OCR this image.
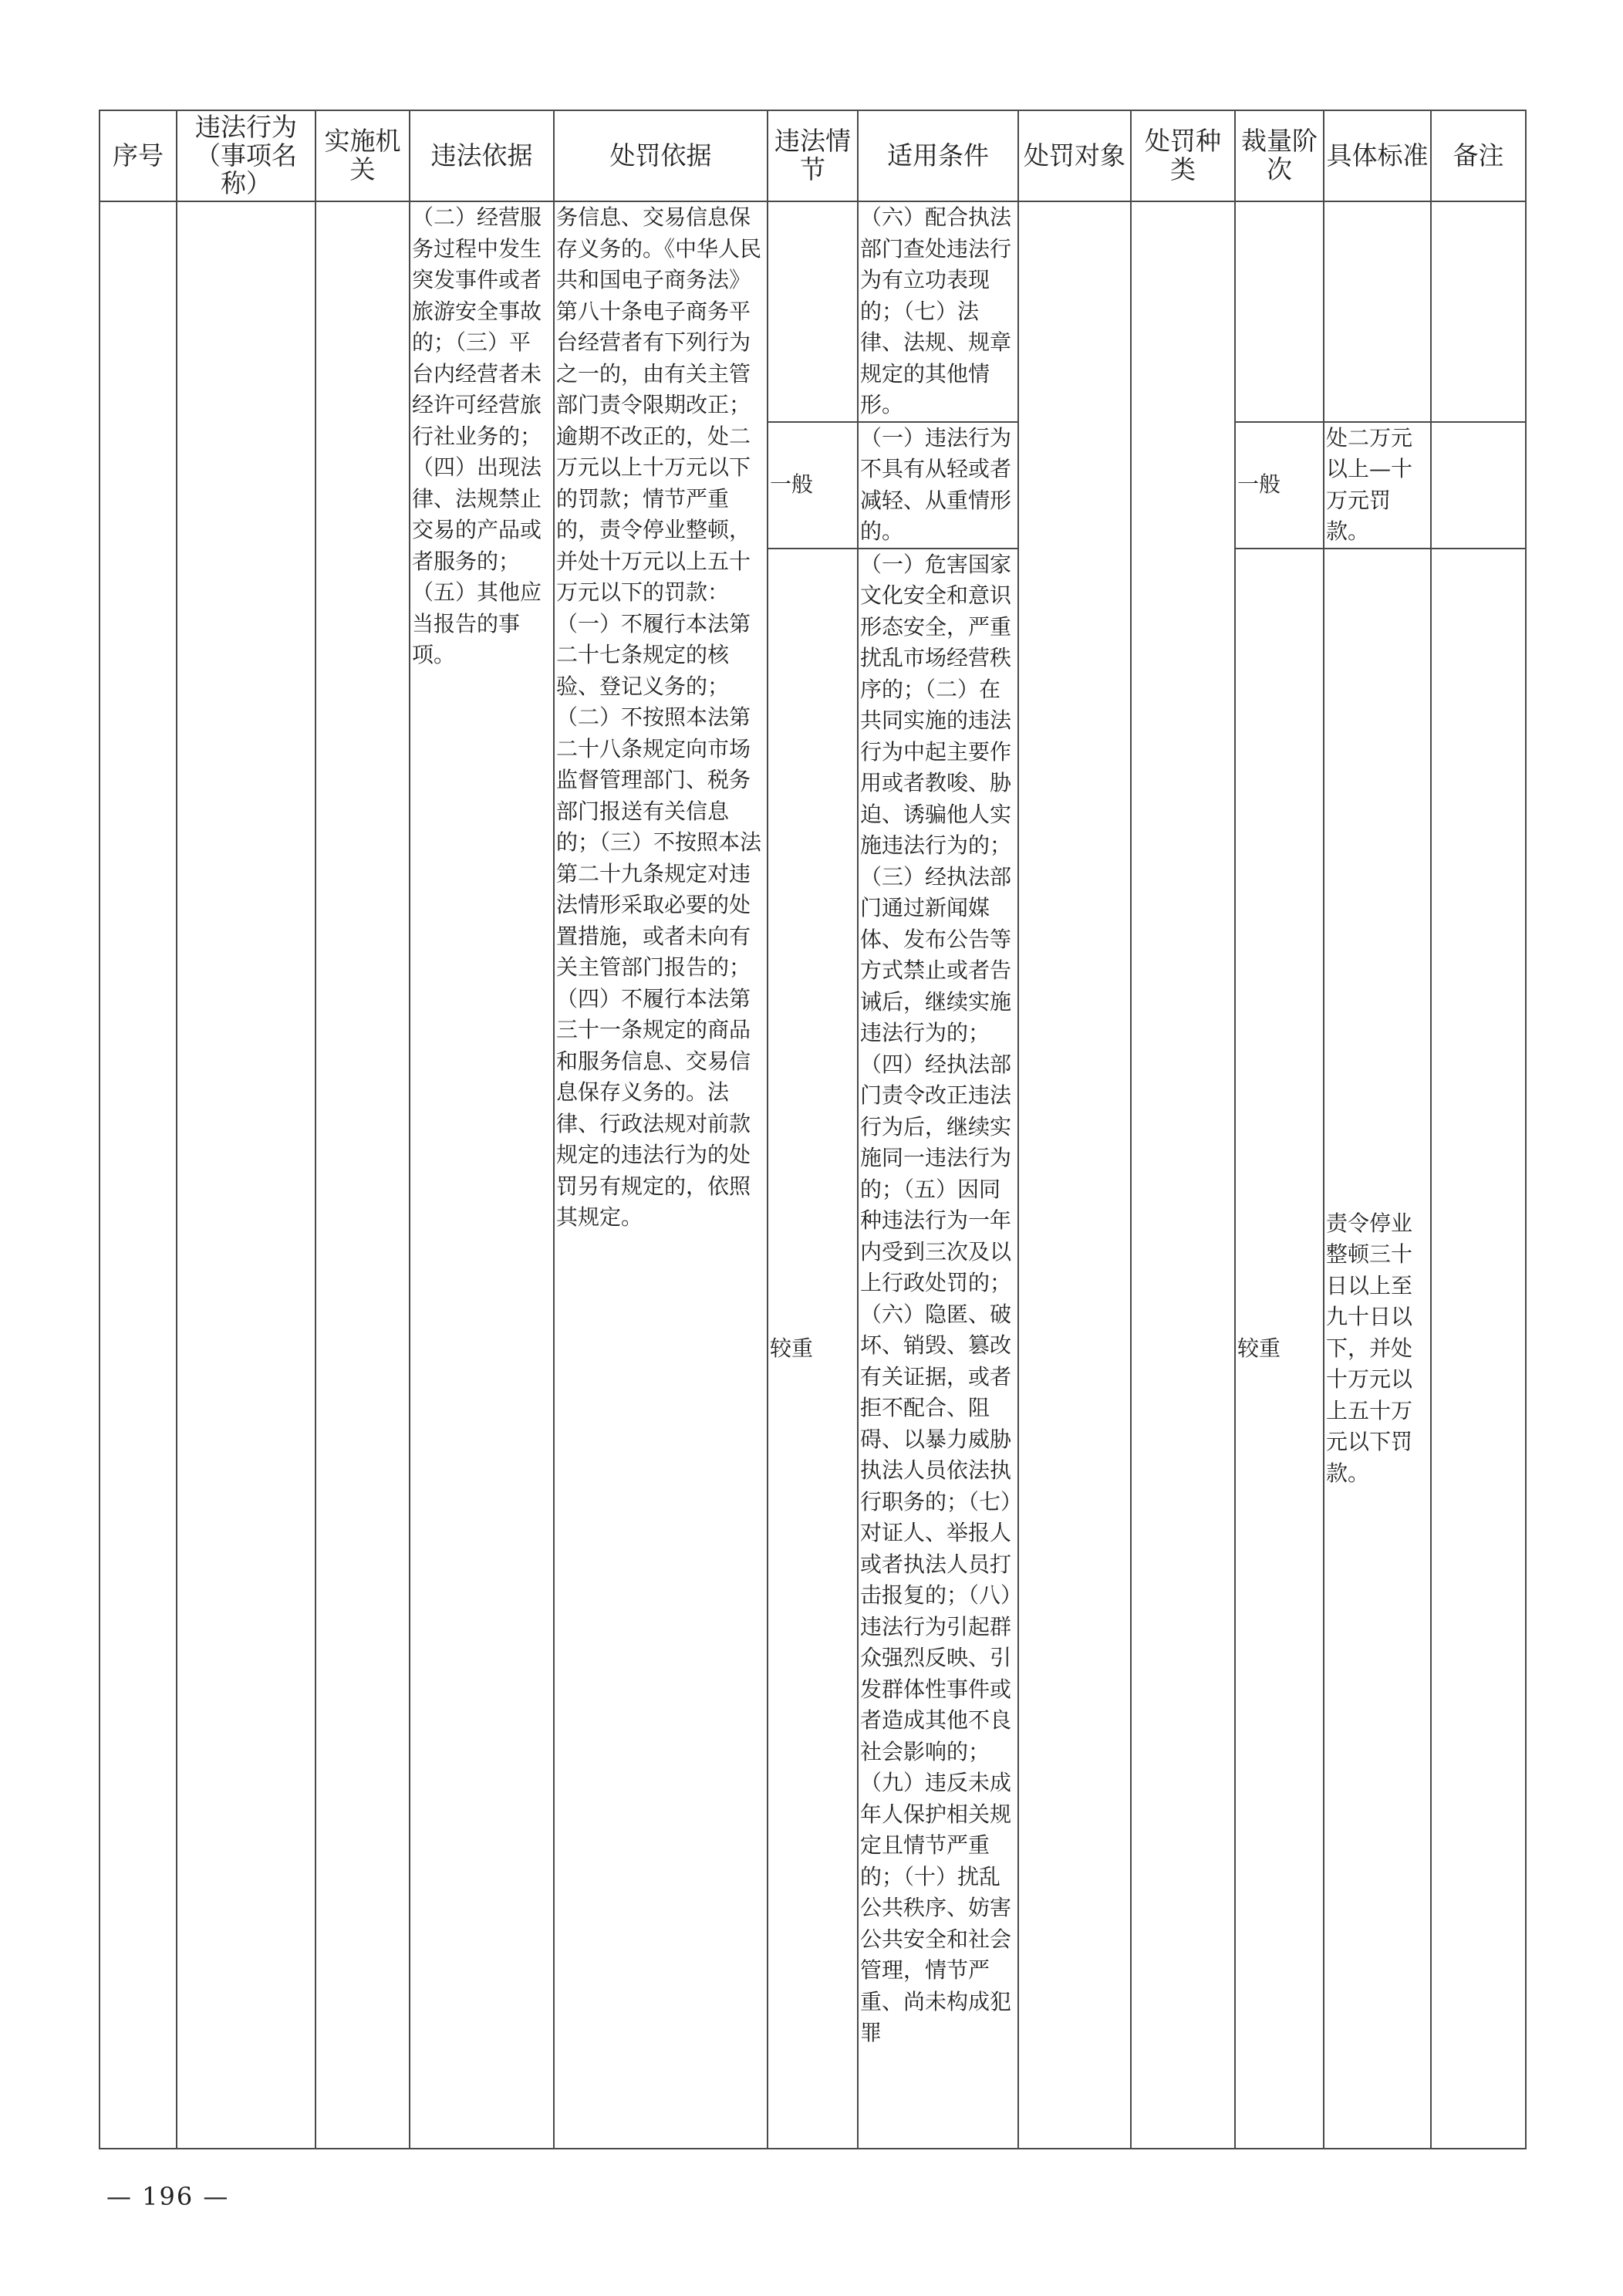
序号	违法行为（事项名称）	实施机关	违法依据	处罚依据	违法情节	适用条件	处罚对象	处罚种类	裁量阶次	具体标准	备注
			（二）经营服务过程中发生突发事件或者旅游安全事故的；（三）平台内经营者未经许可经营旅行社业务的；（四）出现法律、法规禁止交易的产品或者服务的；（五）其他应当报告的事项。	务信息、交易信息保存义务的。《中华人民共和国电子商务法》第八十条电子商务平台经营者有下列行为之一的，由有关主管部门责令限期改正；逾期不改正的，处二万元以上十万元以下的罚款；情节严重的，责令停业整顿，并处十万元以上五十万元以下的罚款：（一）不履行本法第二十七条规定的核验、登记义务的；（二）不按照本法第二十八条规定向市场监督管理部门、税务部门报送有关信息的；（三）不按照本法第二十九条规定对违法情形采取必要的处置措施，或者未向有关主管部门报告的；（四）不履行本法第三十一条规定的商品和服务信息、交易信息保存义务的。法律、行政法规对前款规定的违法行为的处罚另有规定的，依照其规定。		（六）配合执法部门查处违法行为有立功表现的；（七）法律、法规、规章规定的其他情形。					
					一般	（一）违法行为不具有从轻或者减轻、从重情形的。			一般	处二万元以上—十万元罚款。	
					较重	（一）危害国家文化安全和意识形态安全，严重扰乱市场经营秩序的；（二）在共同实施的违法行为中起主要作用或者教唆、胁迫、诱骗他人实施违法行为的；（三）经执法部门通过新闻媒体、发布公告等方式禁止或者告诫后，继续实施违法行为的；（四）经执法部门责令改正违法行为后，继续实施同一违法行为的；（五）因同种违法行为一年内受到三次及以上行政处罚的；（六）隐匿、破坏、销毁、篡改有关证据，或者拒不配合、阻碍、以暴力威胁执法人员依法执行职务的；（七）对证人、举报人或者执法人员打击报复的；（八）违法行为引起群众强烈反映、引发群体性事件或者造成其他不良社会影响的；（九）违反未成年人保护相关规定且情节严重的；（十）扰乱公共秩序、妨害公共安全和社会管理，情节严重、尚未构成犯罪			较重	责令停业整顿三十日以上至九十日以下，并处十万元以上五十万元以下罚款。	
— 196 —
